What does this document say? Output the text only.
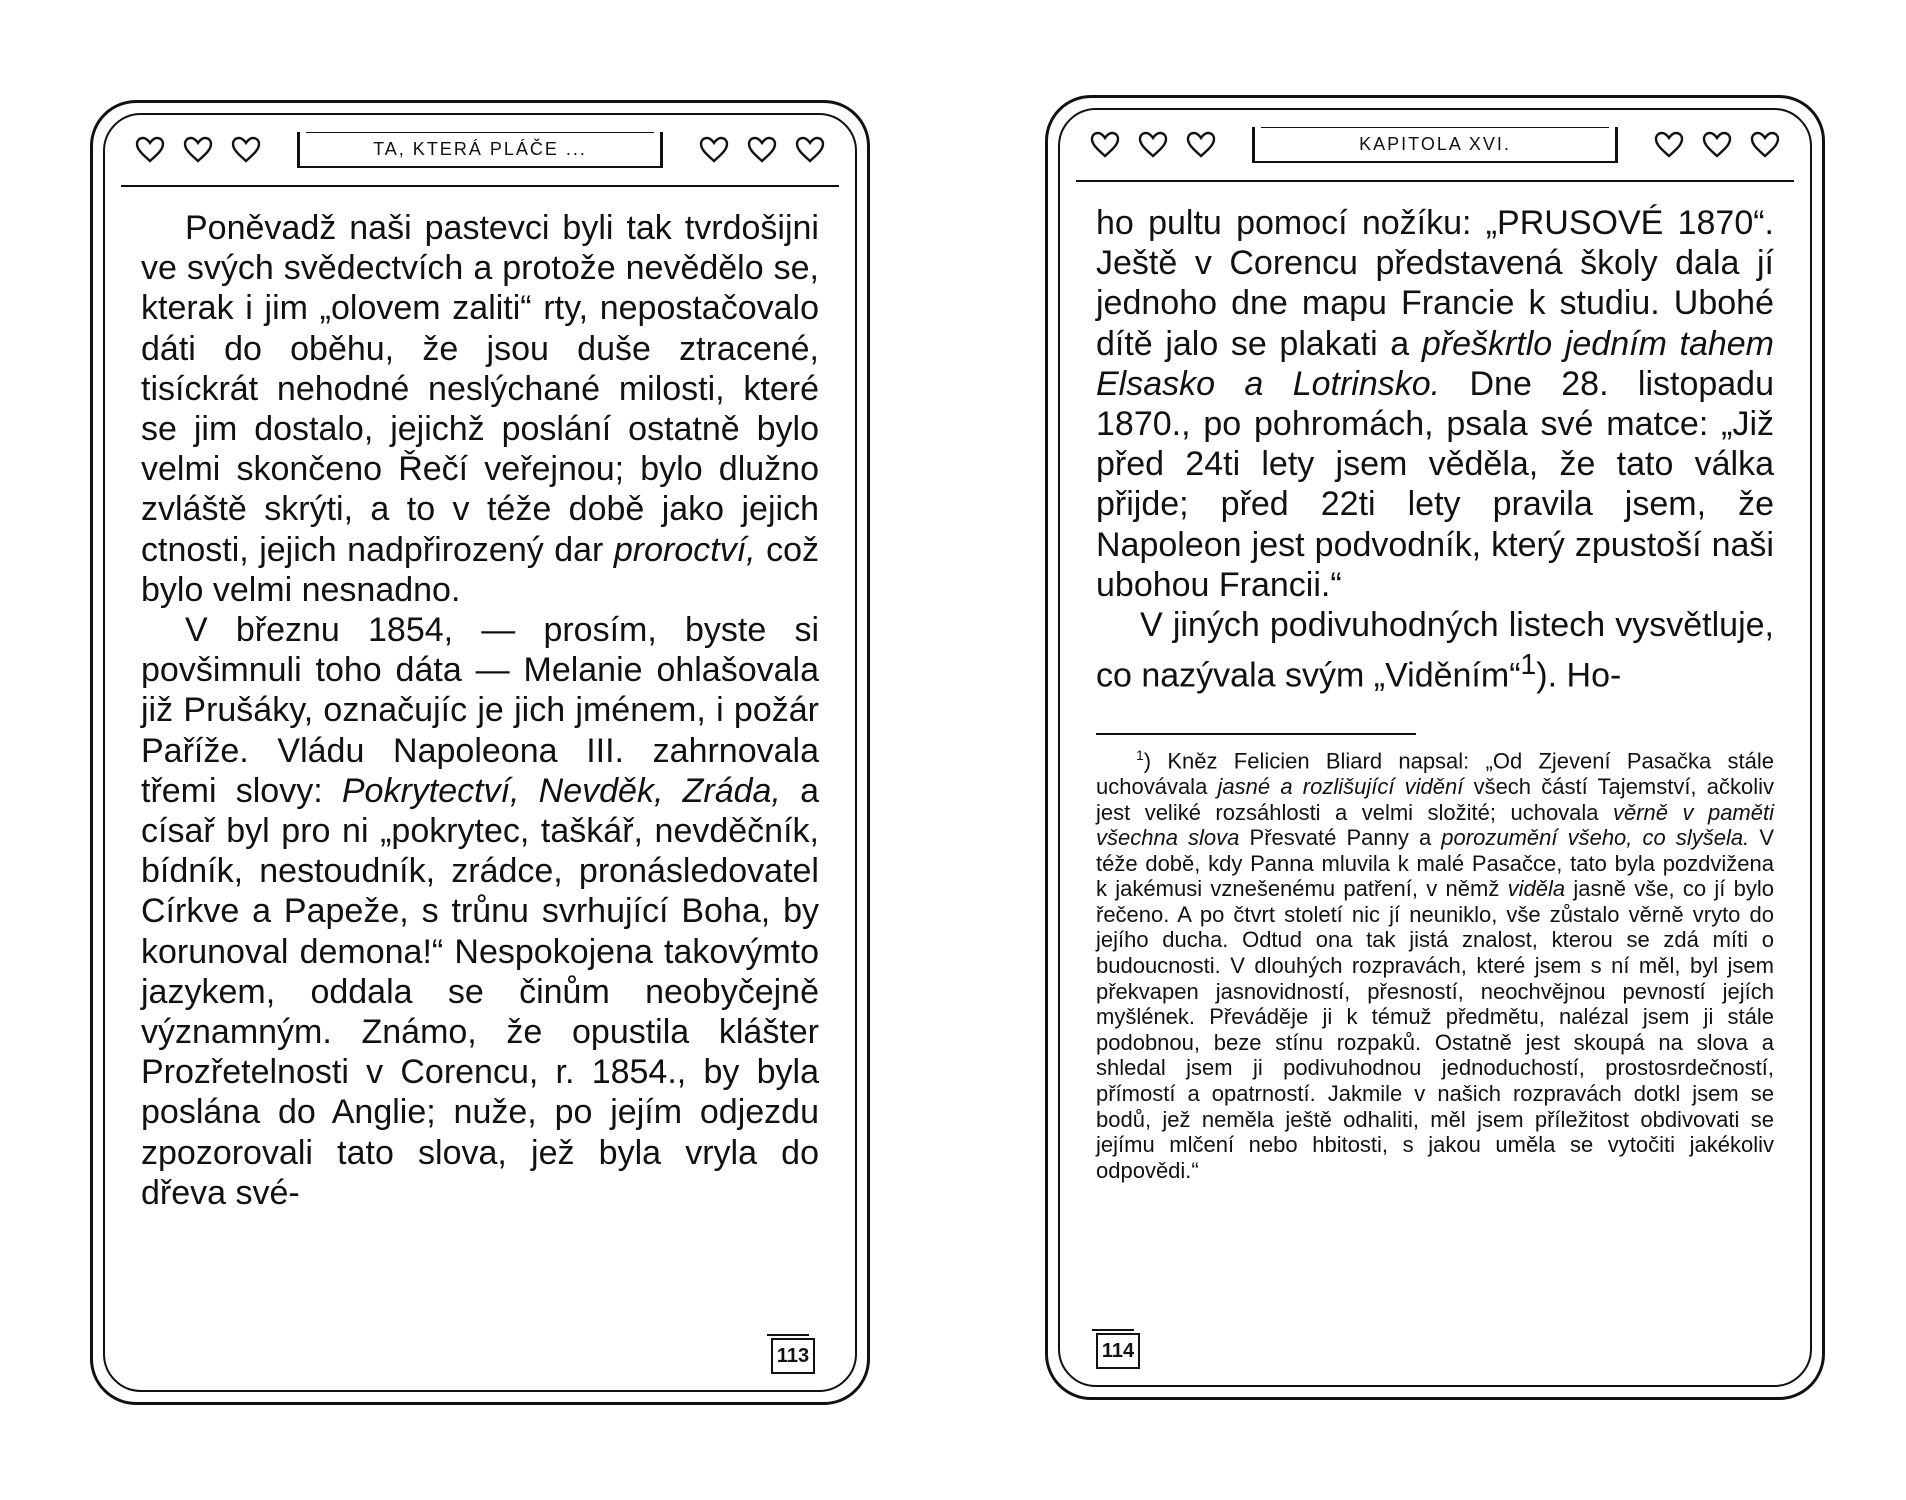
TA, KTERÁ PLÁČE ...

Poněvadž naši pastevci byli tak tvrdošijni ve svých svědectvích a protože nevědělo se, kterak i jim „olovem zaliti“ rty, nepostačovalo dáti do oběhu, že jsou duše ztracené, tisíckrát nehodné neslýchané milosti, které se jim dostalo, jejichž poslání ostatně bylo velmi skončeno Řečí veřejnou; bylo dlužno zvláště skrýti, a to v téže době jako jejich ctnosti, jejich nadpřirozený dar proroctví, což bylo velmi nesnadno.

V březnu 1854, — prosím, byste si povšimnuli toho dáta — Melanie ohlašovala již Prušáky, označujíc je jich jménem, i požár Paříže. Vládu Napoleona III. zahrnovala třemi slovy: Pokrytectví, Nevděk, Zráda, a císař byl pro ni „pokrytec, taškář, nevděčník, bídník, nestoudník, zrádce, pronásledovatel Církve a Papeže, s trůnu svrhující Boha, by korunoval demona!“ Nespokojena takovýmto jazykem, oddala se činům neobyčejně významným. Známo, že opustila klášter Prozřetelnosti v Corencu, r. 1854., by byla poslána do Anglie; nuže, po jejím odjezdu zpozorovali tato slova, jež byla vryla do dřeva své-

113
KAPITOLA XVI.

ho pultu pomocí nožíku: „PRUSOVÉ 1870“. Ještě v Corencu představená školy dala jí jednoho dne mapu Francie k studiu. Ubohé dítě jalo se plakati a přeškrtlo jedním tahem Elsasko a Lotrinsko. Dne 28. listopadu 1870., po pohromách, psala své matce: „Již před 24ti lety jsem věděla, že tato válka přijde; před 22ti lety pravila jsem, že Napoleon jest podvodník, který zpustoší naši ubohou Francii.“

V jiných podivuhodných listech vysvětluje, co nazývala svým „Viděním“$^1$). Ho-

$^1$) Kněz Felicien Bliard napsal: „Od Zjevení Pasačka stále uchovávala jasné a rozlišující vidění všech částí Tajemství, ačkoliv jest veliké rozsáhlosti a velmi složité; uchovala věrně v paměti všechna slova Přesvaté Panny a porozumění všeho, co slyšela. V téže době, kdy Panna mluvila k malé Pasačce, tato byla pozdvižena k jakémusi vznešenému patření, v němž viděla jasně vše, co jí bylo řečeno. A po čtvrt století nic jí neuniklo, vše zůstalo věrně vryto do jejího ducha. Odtud ona tak jistá znalost, kterou se zdá míti o budoucnosti. V dlouhých rozpravách, které jsem s ní měl, byl jsem překvapen jasnovidností, přesností, neochvějnou pevností jejích myšlének. Převáděje ji k témuž předmětu, nalézal jsem ji stále podobnou, beze stínu rozpaků. Ostatně jest skoupá na slova a shledal jsem ji podivuhodnou jednoduchostí, prostosrdečností, přímostí a opatrností. Jakmile v našich rozpravách dotkl jsem se bodů, jež neměla ještě odhaliti, měl jsem příležitost obdivovati se jejímu mlčení nebo hbitosti, s jakou uměla se vytočiti jakékoliv odpovědi.“

114
